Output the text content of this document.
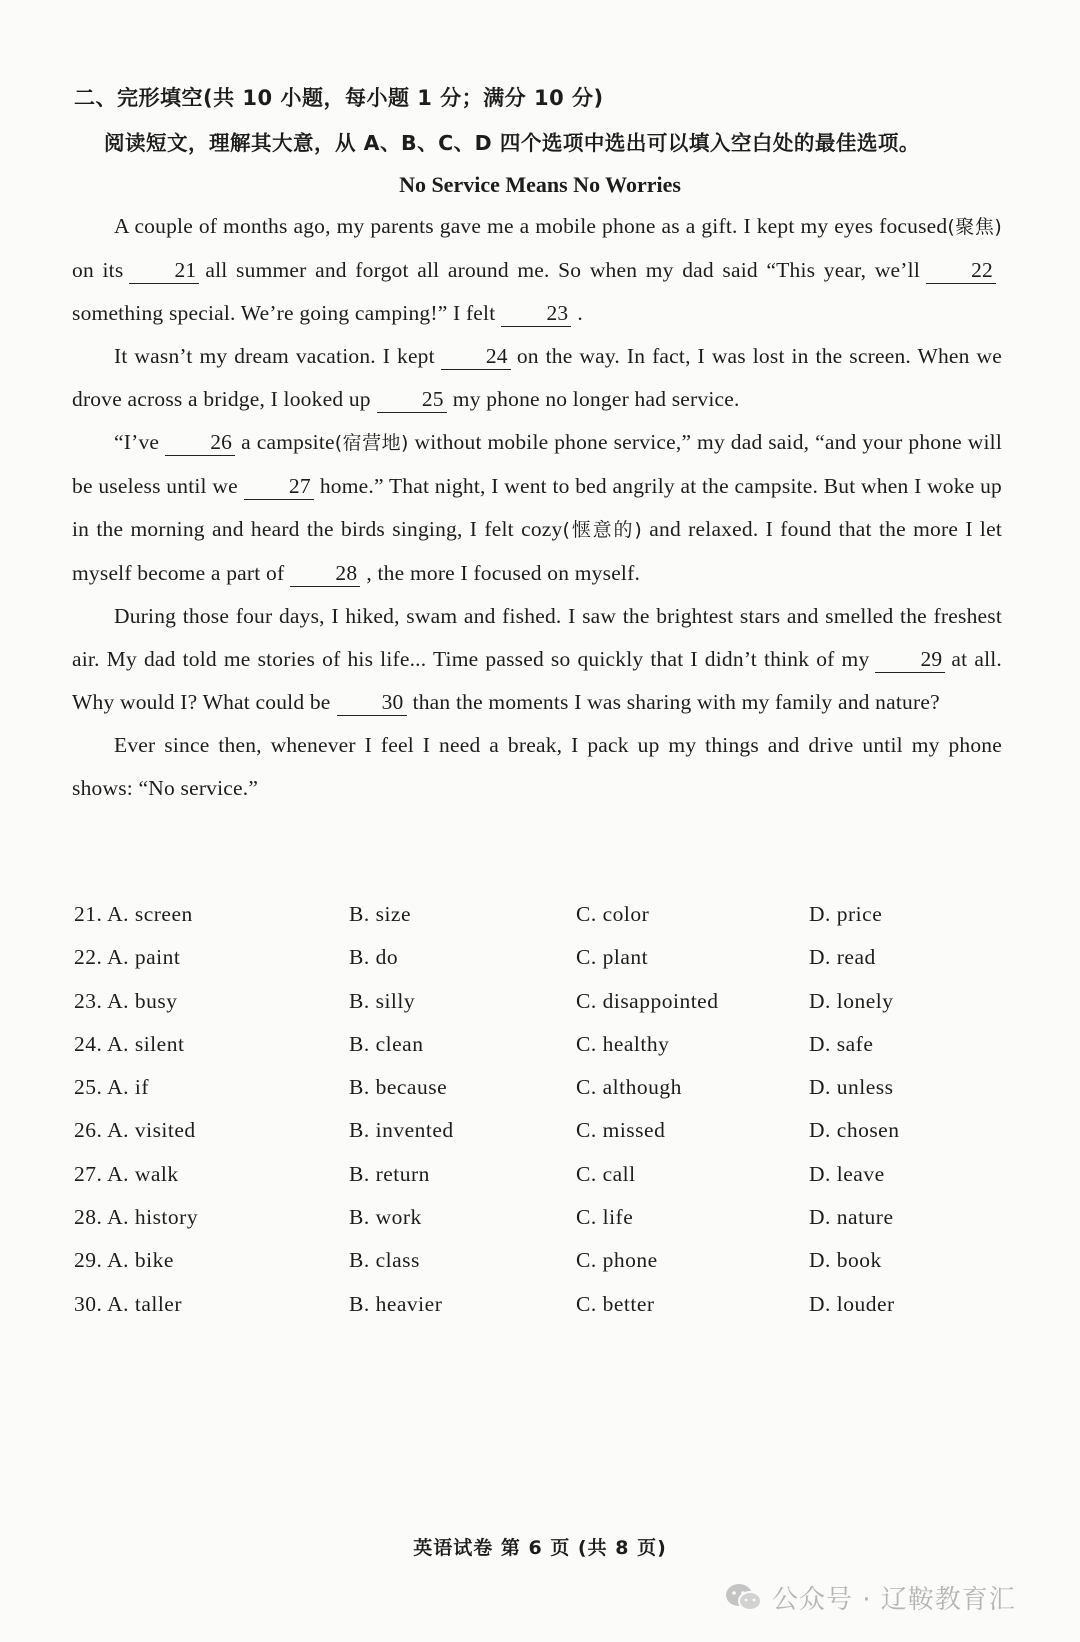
二、完形填空(共 10 小题，每小题 1 分；满分 10 分)
阅读短文，理解其大意，从 A、B、C、D 四个选项中选出可以填入空白处的最佳选项。
No Service Means No Worries

A couple of months ago, my parents gave me a mobile phone as a gift. I kept my eyes focused(聚焦) on its 21 all summer and forgot all around me. So when my dad said “This year, we’ll 22something special. We’re going camping!” I felt 23 .

It wasn’t my dream vacation. I kept 24 on the way. In fact, I was lost in the screen. When we drove across a bridge, I looked up 25 my phone no longer had service.

“I’ve 26 a campsite(宿营地) without mobile phone service,” my dad said, “and your phone will be useless until we 27 home.” That night, I went to bed angrily at the campsite. But when I woke up in the morning and heard the birds singing, I felt cozy(惬意的) and relaxed. I found that the more I let myself become a part of 28 , the more I focused on myself.

During those four days, I hiked, swam and fished. I saw the brightest stars and smelled the freshest air. My dad told me stories of his life... Time passed so quickly that I didn’t think of my 29 at all. Why would I? What could be 30 than the moments I was sharing with my family and nature?

Ever since then, whenever I feel I need a break, I pack up my things and drive until my phone shows: “No service.”

21. A. screen	B. size	C. color	D. price
22. A. paint	B. do	C. plant	D. read
23. A. busy	B. silly	C. disappointed	D. lonely
24. A. silent	B. clean	C. healthy	D. safe
25. A. if	B. because	C. although	D. unless
26. A. visited	B. invented	C. missed	D. chosen
27. A. walk	B. return	C. call	D. leave
28. A. history	B. work	C. life	D. nature
29. A. bike	B. class	C. phone	D. book
30. A. taller	B. heavier	C. better	D. louder
英语试卷 第 6 页 (共 8 页)
公众号 · 辽鞍教育汇
